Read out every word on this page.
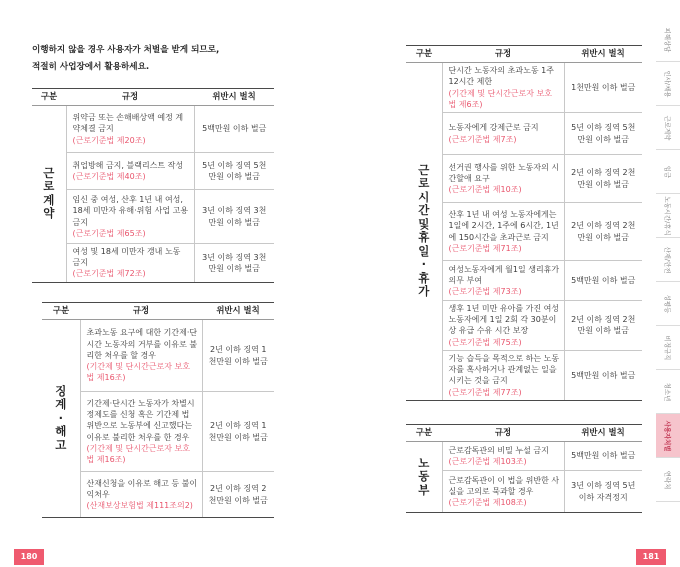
이행하지 않을 경우 사용자가 처벌을 받게 되므로,
적절히 사업장에서 활용하세요.
구분	규정	위반시 벌칙
근로계약	위약금 또는 손해배상액 예정 계약체결 금지
(근로기준법 제20조)	5백만원 이하 벌금
	취업방해 금지, 블랙리스트 작성
(근로기준법 제40조)	5년 이하 징역 5천만원 이하 벌금
	임신 중 여성, 산후 1년 내 여성, 18세 미만자 유해·위험 사업 고용 금지
(근로기준법 제65조)	3년 이하 징역 3천만원 이하 벌금
	여성 및 18세 미만자 갱내 노동 금지
(근로기준법 제72조)	3년 이하 징역 3천만원 이하 벌금
구분	규정	위반시 벌칙
징계·해고	초과노동 요구에 대한 기간제·단시간 노동자의 거부를 이유로 불리한 처우를 할 경우
(기간제 및 단시간근로자 보호법 제16조)	2년 이하 징역 1천만원 이하 벌금
	기간제·단시간 노동자가 차별시정제도를 신청 혹은 기간제 법 위반으로 노동부에 신고했다는 이유로 불리한 처우를 한 경우
(기간제 및 단시간근로자 보호법 제16조)	2년 이하 징역 1천만원 이하 벌금
	산재신청을 이유로 해고 등 불이익처우
(산재보상보험법 제111조의2)	2년 이하 징역 2천만원 이하 벌금
180
구분	규정	위반시 벌칙
근로시간 및 휴일·휴가	단시간 노동자의 초과노동 1주 12시간 제한
(기간제 및 단시간근로자 보호법 제6조)	1천만원 이하 벌금
	노동자에게 강제근로 금지
(근로기준법 제7조)	5년 이하 징역 5천만원 이하 벌금
	선거권 행사를 위한 노동자의 시간할애 요구
(근로기준법 제10조)	2년 이하 징역 2천만원 이하 벌금
	산후 1년 내 여성 노동자에게는 1일에 2시간, 1주에 6시간, 1년에 150시간을 초과근로 금지
(근로기준법 제71조)	2년 이하 징역 2천만원 이하 벌금
	여성노동자에게 월1일 생리휴가 의무 부여
(근로기준법 제73조)	5백만원 이하 벌금
	생후 1년 미만 유아를 가진 여성 노동자에게 1일 2회 각 30분이상 유급 수유 시간 보장
(근로기준법 제75조)	2년 이하 징역 2천만원 이하 벌금
	기능 습득을 목적으로 하는 노동자를 혹사하거나 관계없는 일을 시키는 것을 금지
(근로기준법 제77조)	5백만원 이하 벌금
구분	규정	위반시 벌칙
노동부	근로감독관의 비밀 누설 금지
(근로기준법 제103조)	5백만원 이하 벌금
	근로감독관이 이 법을 위반한 사실을 고의로 묵과할 경우
(근로기준법 제108조)	3년 이하 징역 5년 이하 자격정지
181
피해상담
인사/채용
근로계약
임금
노동시간/휴식
산재/안전
성평등
비정규직
청소년
사용자처벌
연락처
